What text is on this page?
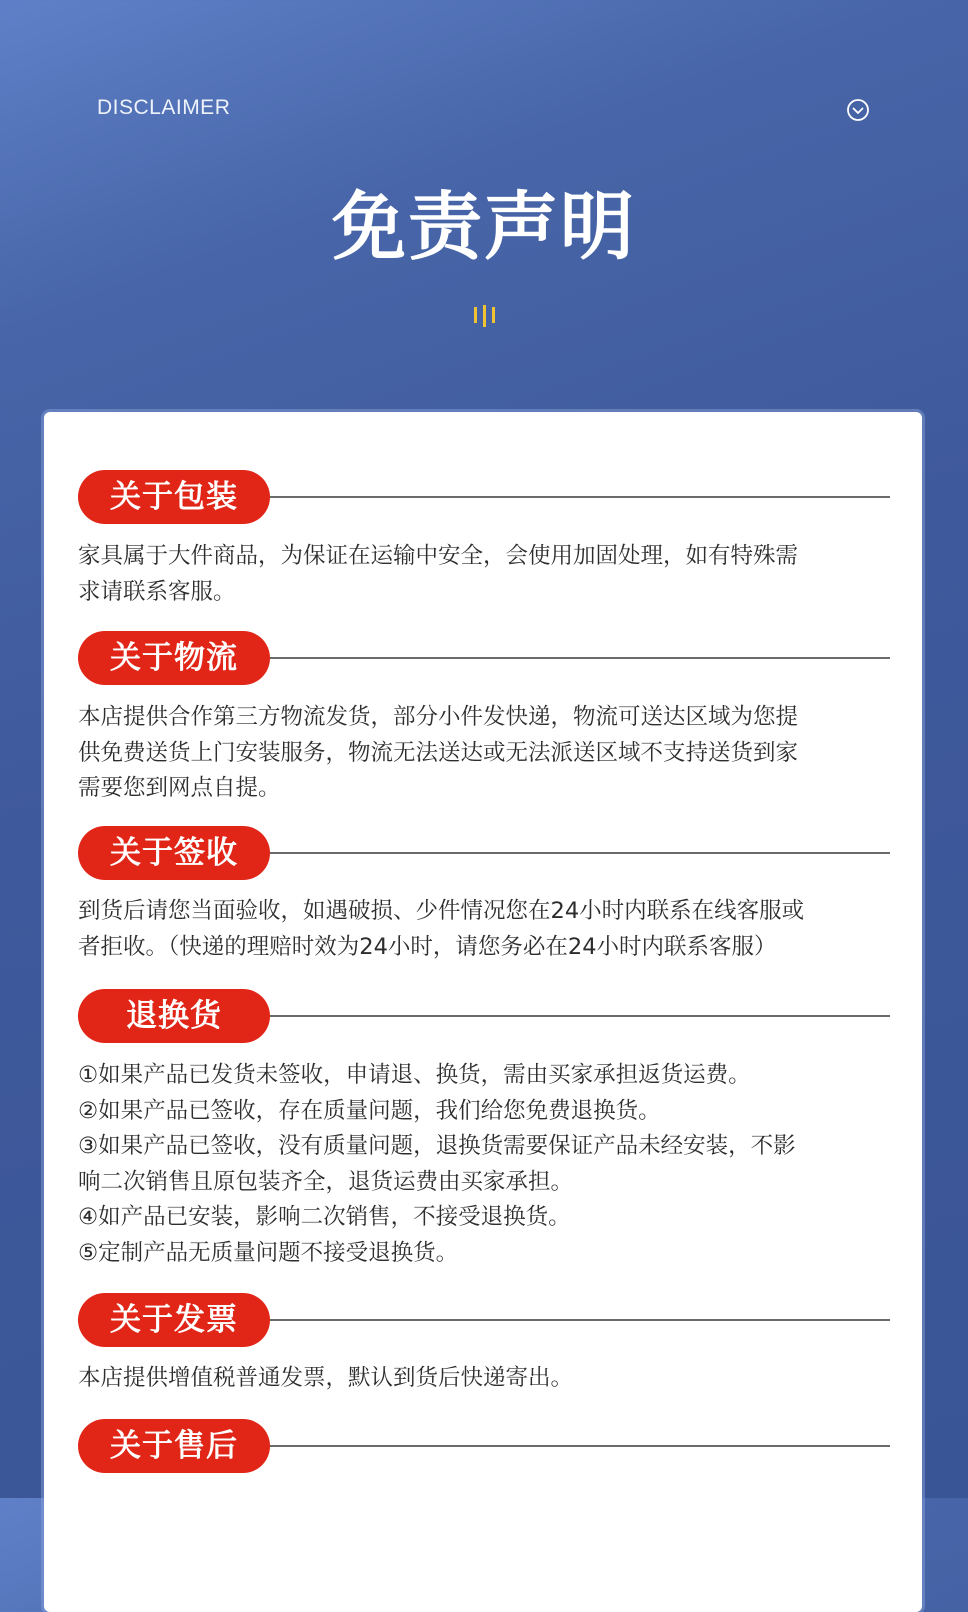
DISCLAIMER
免责声明
关于包装
家具属于大件商品，为保证在运输中安全，会使用加固处理，如有特殊需
求请联系客服。
关于物流
本店提供合作第三方物流发货，部分小件发快递，物流可送达区域为您提
供免费送货上门安装服务，物流无法送达或无法派送区域不支持送货到家
需要您到网点自提。
关于签收
到货后请您当面验收，如遇破损、少件情况您在24小时内联系在线客服或
者拒收。（快递的理赔时效为24小时，请您务必在24小时内联系客服）
退换货
①如果产品已发货未签收，申请退、换货，需由买家承担返货运费。
②如果产品已签收，存在质量问题，我们给您免费退换货。
③如果产品已签收，没有质量问题，退换货需要保证产品未经安装，不影
响二次销售且原包装齐全，退货运费由买家承担。
④如产品已安装，影响二次销售，不接受退换货。
⑤定制产品无质量问题不接受退换货。
关于发票
本店提供增值税普通发票，默认到货后快递寄出。
关于售后
